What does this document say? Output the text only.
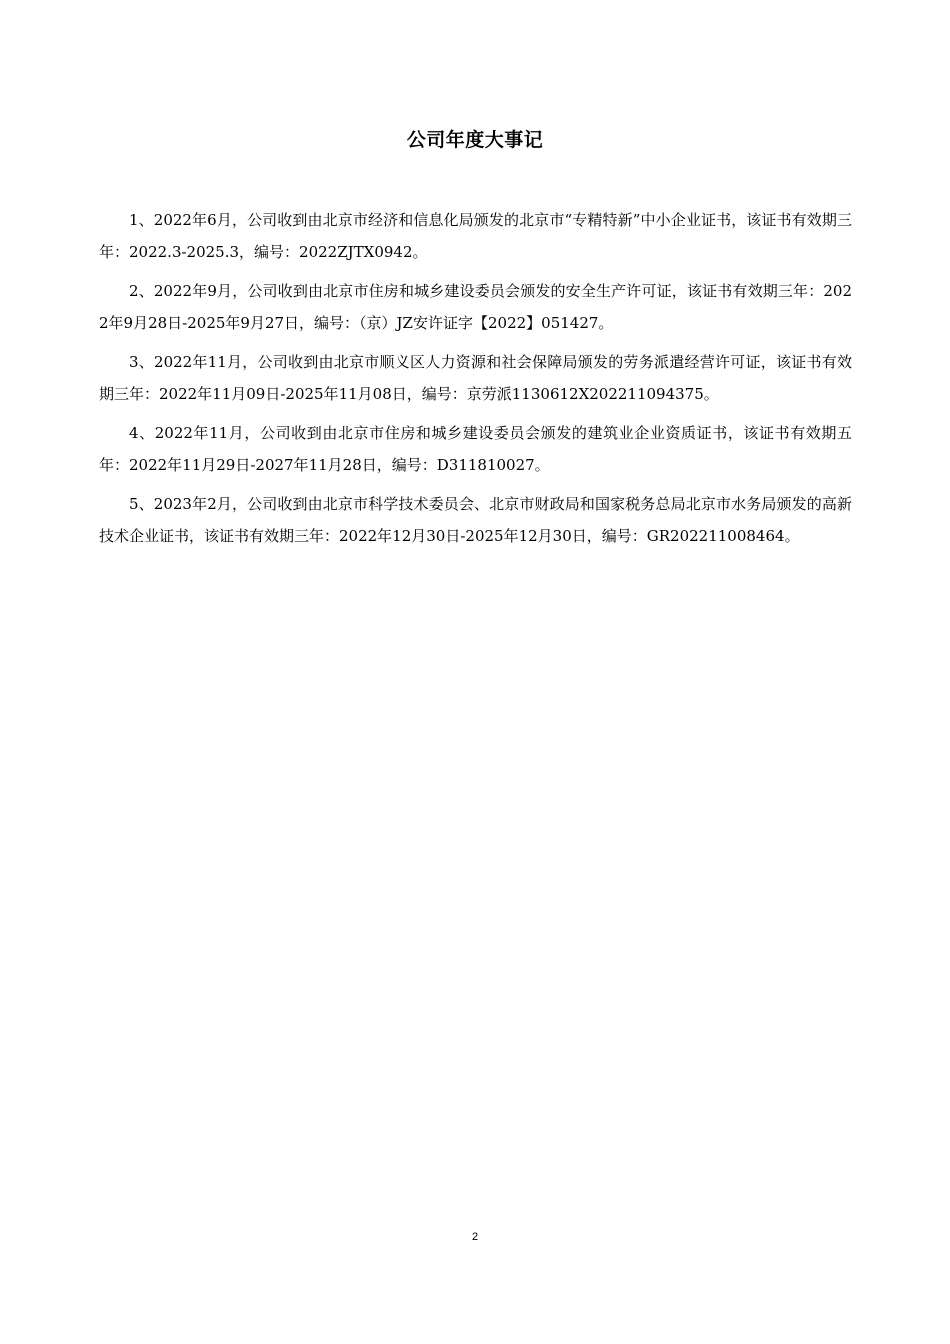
公司年度大事记

1、2022年6月，公司收到由北京市经济和信息化局颁发的北京市“专精特新”中小企业证书，该证书有效期三年：2022.3-2025.3，编号：2022ZJTX0942。

2、2022年9月，公司收到由北京市住房和城乡建设委员会颁发的安全生产许可证，该证书有效期三年：2022年9月28日-2025年9月27日，编号：（京）JZ安许证字【2022】051427。

3、2022年11月，公司收到由北京市顺义区人力资源和社会保障局颁发的劳务派遣经营许可证，该证书有效期三年：2022年11月09日-2025年11月08日，编号：京劳派1130612X202211094375。

4、2022年11月，公司收到由北京市住房和城乡建设委员会颁发的建筑业企业资质证书，该证书有效期五年：2022年11月29日-2027年11月28日，编号：D311810027。

5、2023年2月，公司收到由北京市科学技术委员会、北京市财政局和国家税务总局北京市水务局颁发的高新技术企业证书，该证书有效期三年：2022年12月30日-2025年12月30日，编号：GR202211008464。

2
